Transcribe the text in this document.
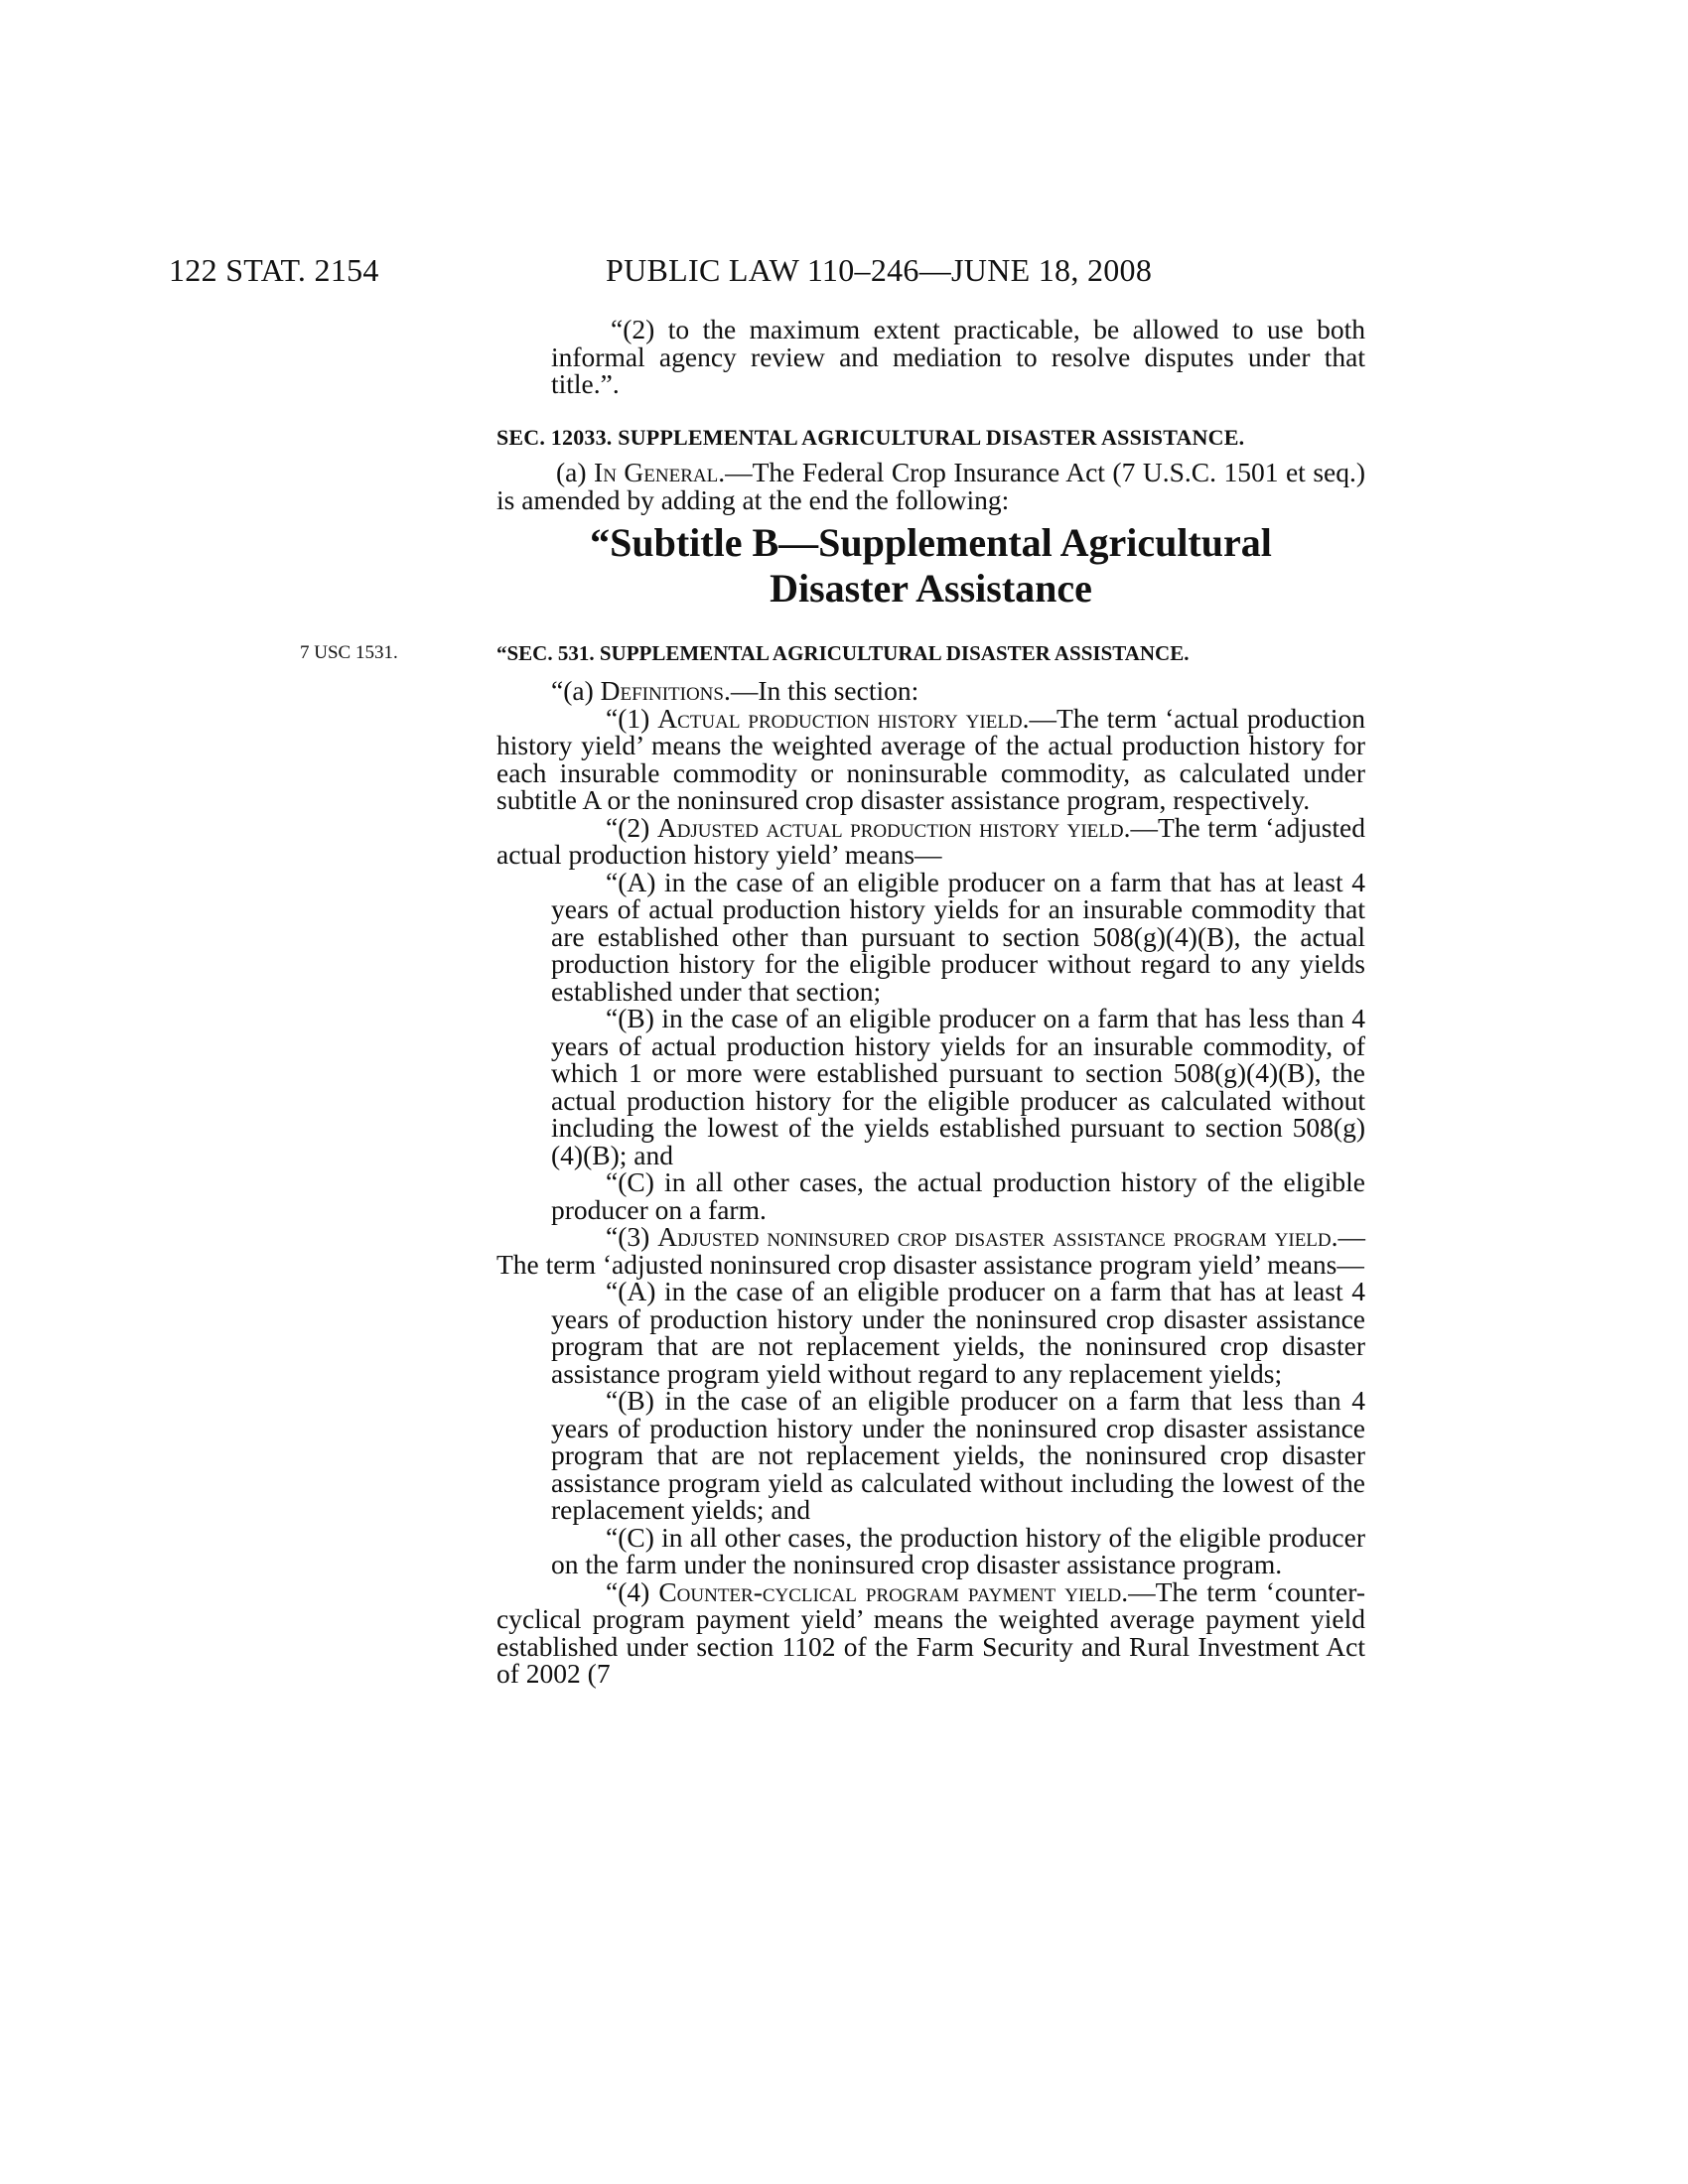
122 STAT. 2154	PUBLIC LAW 110–246—JUNE 18, 2008

“(2) to the maximum extent practicable, be allowed to use both informal agency review and mediation to resolve disputes under that title.”.

SEC. 12033. SUPPLEMENTAL AGRICULTURAL DISASTER ASSISTANCE.

(a) In General.—The Federal Crop Insurance Act (7 U.S.C. 1501 et seq.) is amended by adding at the end the following:

“Subtitle B—Supplemental Agricultural
Disaster Assistance
7 USC 1531.	“SEC. 531. SUPPLEMENTAL AGRICULTURAL DISASTER ASSISTANCE.

“(a) Definitions.—In this section:

“(1) Actual production history yield.—The term ‘actual production history yield’ means the weighted average of the actual production history for each insurable commodity or noninsurable commodity, as calculated under subtitle A or the noninsured crop disaster assistance program, respectively.

“(2) Adjusted actual production history yield.—The term ‘adjusted actual production history yield’ means—

“(A) in the case of an eligible producer on a farm that has at least 4 years of actual production history yields for an insurable commodity that are established other than pursuant to section 508(g)(4)(B), the actual production history for the eligible producer without regard to any yields established under that section;

“(B) in the case of an eligible producer on a farm that has less than 4 years of actual production history yields for an insurable commodity, of which 1 or more were established pursuant to section 508(g)(4)(B), the actual production history for the eligible producer as calculated without including the lowest of the yields established pursuant to section 508(g)(4)(B); and

“(C) in all other cases, the actual production history of the eligible producer on a farm.

“(3) Adjusted noninsured crop disaster assistance program yield.—The term ‘adjusted noninsured crop disaster assistance program yield’ means—

“(A) in the case of an eligible producer on a farm that has at least 4 years of production history under the noninsured crop disaster assistance program that are not replacement yields, the noninsured crop disaster assistance program yield without regard to any replacement yields;

“(B) in the case of an eligible producer on a farm that less than 4 years of production history under the noninsured crop disaster assistance program that are not replacement yields, the noninsured crop disaster assistance program yield as calculated without including the lowest of the replacement yields; and

“(C) in all other cases, the production history of the eligible producer on the farm under the noninsured crop disaster assistance program.

“(4) Counter-cyclical program payment yield.—The term ‘counter-cyclical program payment yield’ means the weighted average payment yield established under section 1102 of the Farm Security and Rural Investment Act of 2002 (7
